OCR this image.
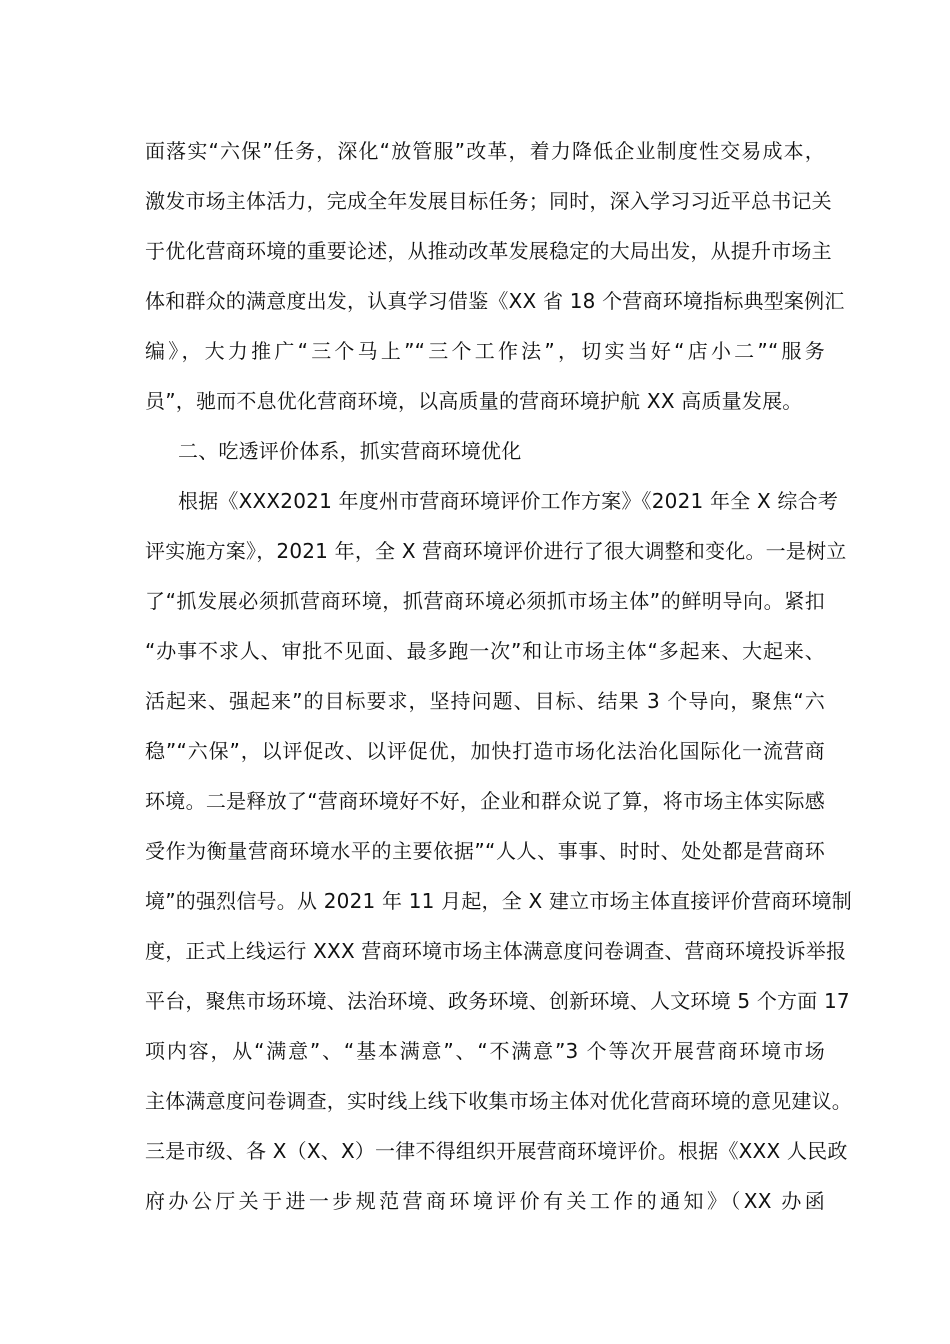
面落实“六保”任务，深化“放管服”改革，着力降低企业制度性交易成本，
激发市场主体活力，完成全年发展目标任务；同时，深入学习习近平总书记关
于优化营商环境的重要论述，从推动改革发展稳定的大局出发，从提升市场主
体和群众的满意度出发，认真学习借鉴《XX 省 18 个营商环境指标典型案例汇
编》，大力推广“三个马上”“三个工作法”，切实当好“店小二”“服务
员”，驰而不息优化营商环境，以高质量的营商环境护航 XX 高质量发展。
二、吃透评价体系，抓实营商环境优化
根据《XXX2021 年度州市营商环境评价工作方案》《2021 年全 X 综合考
评实施方案》，2021 年，全 X 营商环境评价进行了很大调整和变化。一是树立
了“抓发展必须抓营商环境，抓营商环境必须抓市场主体”的鲜明导向。紧扣
“办事不求人、审批不见面、最多跑一次”和让市场主体“多起来、大起来、
活起来、强起来”的目标要求，坚持问题、目标、结果 3 个导向，聚焦“六
稳”“六保”，以评促改、以评促优，加快打造市场化法治化国际化一流营商
环境。二是释放了“营商环境好不好，企业和群众说了算，将市场主体实际感
受作为衡量营商环境水平的主要依据”“人人、事事、时时、处处都是营商环
境”的强烈信号。从 2021 年 11 月起，全 X 建立市场主体直接评价营商环境制
度，正式上线运行 XXX 营商环境市场主体满意度问卷调查、营商环境投诉举报
平台，聚焦市场环境、法治环境、政务环境、创新环境、人文环境 5 个方面 17
项内容，从“满意”、“基本满意”、“不满意”3 个等次开展营商环境市场
主体满意度问卷调查，实时线上线下收集市场主体对优化营商环境的意见建议。
三是市级、各 X（X、X）一律不得组织开展营商环境评价。根据《XXX 人民政
府办公厅关于进一步规范营商环境评价有关工作的通知》（XX 办函
